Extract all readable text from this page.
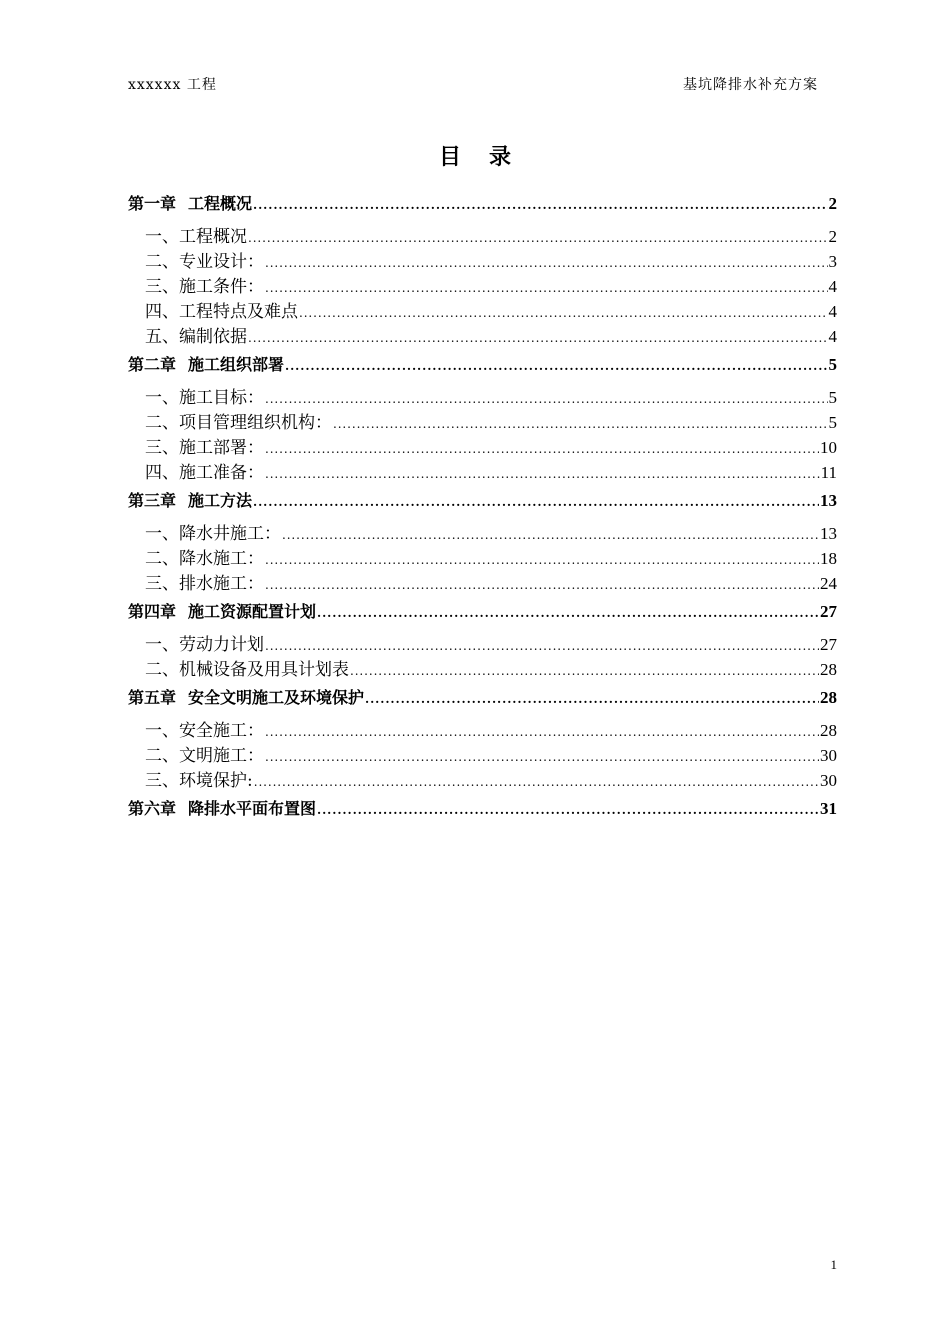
xxxxxx 工程	基坑降排水补充方案
目录
第一章 工程概况 .....	2
一、工程概况 .....	2
二、专业设计： .....	3
三、施工条件： .....	4
四、工程特点及难点 .....	4
五、编制依据 .....	4
第二章 施工组织部署 .....	5
一、施工目标： .....	5
二、项目管理组织机构： .....	5
三、施工部署： .....	10
四、施工准备： .....	11
第三章 施工方法 .....	13
一、降水井施工： .....	13
二、降水施工： .....	18
三、排水施工： .....	24
第四章 施工资源配置计划 .....	27
一、劳动力计划 .....	27
二、机械设备及用具计划表 .....	28
第五章 安全文明施工及环境保护 .....	28
一、安全施工： .....	28
二、文明施工： .....	30
三、环境保护: .....	30
第六章 降排水平面布置图 .....	31
1
